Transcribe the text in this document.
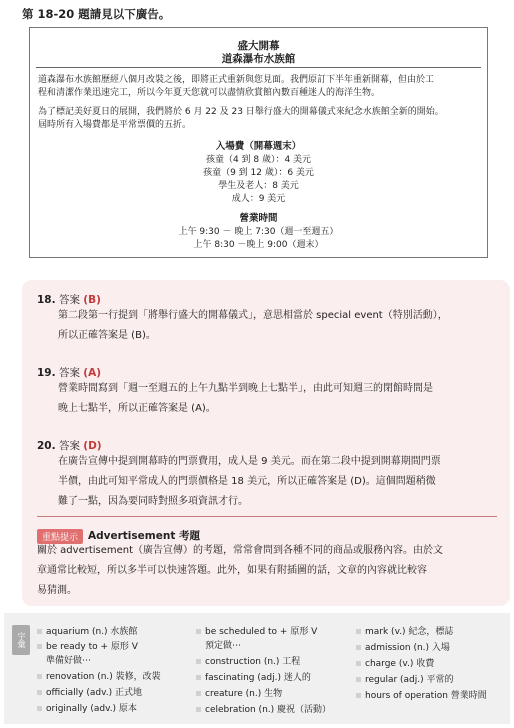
第 18-20 題請見以下廣告。
盛大開幕
道森瀑布水族館
道森瀑布水族館歷經八個月改裝之後，即將正式重新與您見面。我們原訂下半年重新開幕，但由於工
程和清潔作業迅速完工，所以今年夏天您就可以盡情欣賞館內數百種迷人的海洋生物。
為了標記美好夏日的展開，我們將於 6 月 22 及 23 日舉行盛大的開幕儀式來紀念水族館全新的開始。
屆時所有入場費都是平常票價的五折。
入場費（開幕週末）
孩童（4 到 8 歲）：4 美元
孩童（9 到 12 歲）：6 美元
學生及老人：8 美元
成人：9 美元
營業時間
上午 9:30 － 晚上 7:30（週一至週五）
上午 8:30 －晚上 9:00（週末）
18. 答案 (B)
第二段第一行提到「將舉行盛大的開幕儀式」，意思相當於 special event（特別活動），
所以正確答案是 (B)。
19. 答案 (A)
營業時間寫到「週一至週五的上午九點半到晚上七點半」，由此可知週三的閉館時間是
晚上七點半，所以正確答案是 (A)。
20. 答案 (D)
在廣告宣傳中提到開幕時的門票費用，成人是 9 美元。而在第二段中提到開幕期間門票
半價，由此可知平常成人的門票價格是 18 美元，所以正確答案是 (D)。這個問題稍微
難了一點，因為要同時對照多項資訊才行。
重點提示 Advertisement 考題
關於 advertisement（廣告宣傳）的考題，常常會問到各種不同的商品或服務內容。由於文
章通常比較短，所以多半可以快速答題。此外，如果有附插圖的話，文章的內容就比較容
易猜測。
字彙	aquarium (n.) 水族館
be ready to + 原形 V
準備好做⋯
renovation (n.) 裝修，改裝
officially (adv.) 正式地
originally (adv.) 原本
be scheduled to + 原形 V
預定做⋯
construction (n.) 工程
fascinating (adj.) 迷人的
creature (n.) 生物
celebration (n.) 慶祝（活動）
mark (v.) 紀念，標誌
admission (n.) 入場
charge (v.) 收費
regular (adj.) 平常的
hours of operation 營業時間
